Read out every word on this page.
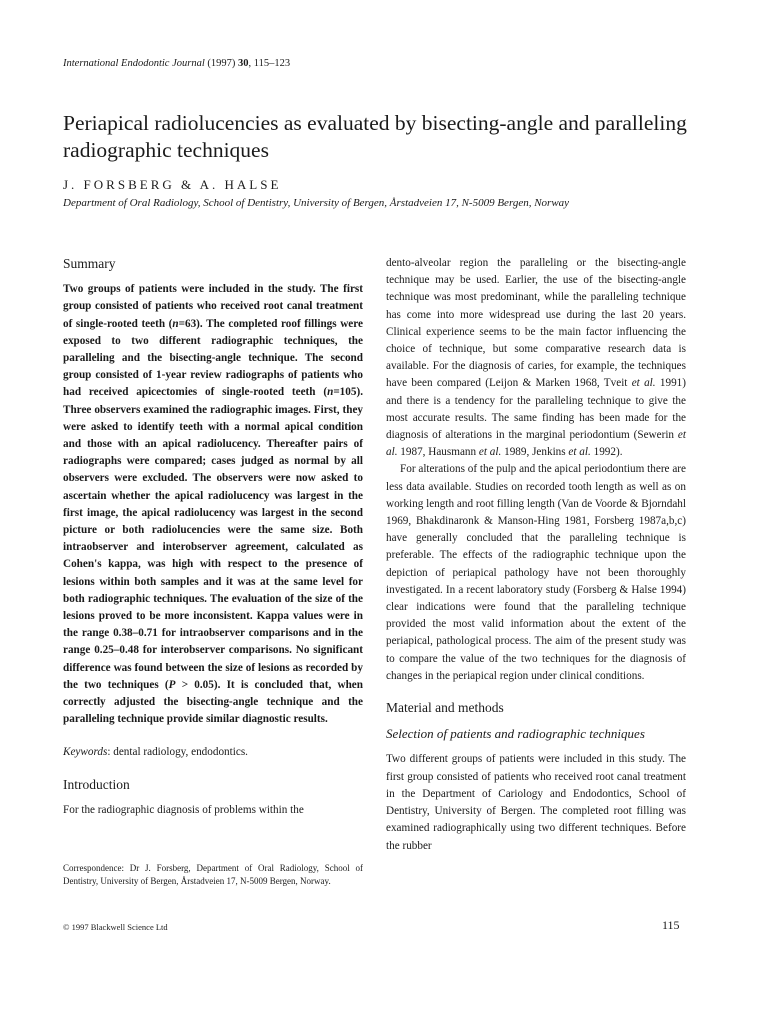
International Endodontic Journal (1997) 30, 115–123
Periapical radiolucencies as evaluated by bisecting-angle and paralleling radiographic techniques
J. FORSBERG & A. HALSE
Department of Oral Radiology, School of Dentistry, University of Bergen, Årstadveien 17, N-5009 Bergen, Norway
Summary

Two groups of patients were included in the study. The first group consisted of patients who received root canal treatment of single-rooted teeth (n=63). The completed roof fillings were exposed to two different radiographic techniques, the paralleling and the bisecting-angle technique. The second group consisted of 1-year review radiographs of patients who had received apicectomies of single-rooted teeth (n=105). Three observers examined the radiographic images. First, they were asked to identify teeth with a normal apical condition and those with an apical radiolucency. Thereafter pairs of radiographs were compared; cases judged as normal by all observers were excluded. The observers were now asked to ascertain whether the apical radiolucency was largest in the first image, the apical radiolucency was largest in the second picture or both radiolucencies were the same size. Both intraobserver and interobserver agreement, calculated as Cohen's kappa, was high with respect to the presence of lesions within both samples and it was at the same level for both radiographic techniques. The evaluation of the size of the lesions proved to be more inconsistent. Kappa values were in the range 0.38–0.71 for intraobserver comparisons and in the range 0.25–0.48 for interobserver comparisons. No significant difference was found between the size of lesions as recorded by the two techniques (P > 0.05). It is concluded that, when correctly adjusted the bisecting-angle technique and the paralleling technique provide similar diagnostic results.

Keywords: dental radiology, endodontics.

Introduction

For the radiographic diagnosis of problems within the

dento-alveolar region the paralleling or the bisecting-angle technique may be used. Earlier, the use of the bisecting-angle technique was most predominant, while the paralleling technique has come into more widespread use during the last 20 years. Clinical experience seems to be the main factor influencing the choice of technique, but some comparative research data is available. For the diagnosis of caries, for example, the techniques have been compared (Leijon & Marken 1968, Tveit et al. 1991) and there is a tendency for the paralleling technique to give the most accurate results. The same finding has been made for the diagnosis of alterations in the marginal periodontium (Sewerin et al. 1987, Hausmann et al. 1989, Jenkins et al. 1992).

For alterations of the pulp and the apical periodontium there are less data available. Studies on recorded tooth length as well as on working length and root filling length (Van de Voorde & Bjorndahl 1969, Bhakdinaronk & Manson-Hing 1981, Forsberg 1987a,b,c) have generally concluded that the paralleling technique is preferable. The effects of the radiographic technique upon the depiction of periapical pathology have not been thoroughly investigated. In a recent laboratory study (Forsberg & Halse 1994) clear indications were found that the paralleling technique provided the most valid information about the extent of the periapical, pathological process. The aim of the present study was to compare the value of the two techniques for the diagnosis of changes in the periapical region under clinical conditions.

Material and methods
Selection of patients and radiographic techniques

Two different groups of patients were included in this study. The first group consisted of patients who received root canal treatment in the Department of Cariology and Endodontics, School of Dentistry, University of Bergen. The completed root filling was examined radiographically using two different techniques. Before the rubber

Correspondence: Dr J. Forsberg, Department of Oral Radiology, School of Dentistry, University of Bergen, Årstadveien 17, N-5009 Bergen, Norway.
© 1997 Blackwell Science Ltd	115
